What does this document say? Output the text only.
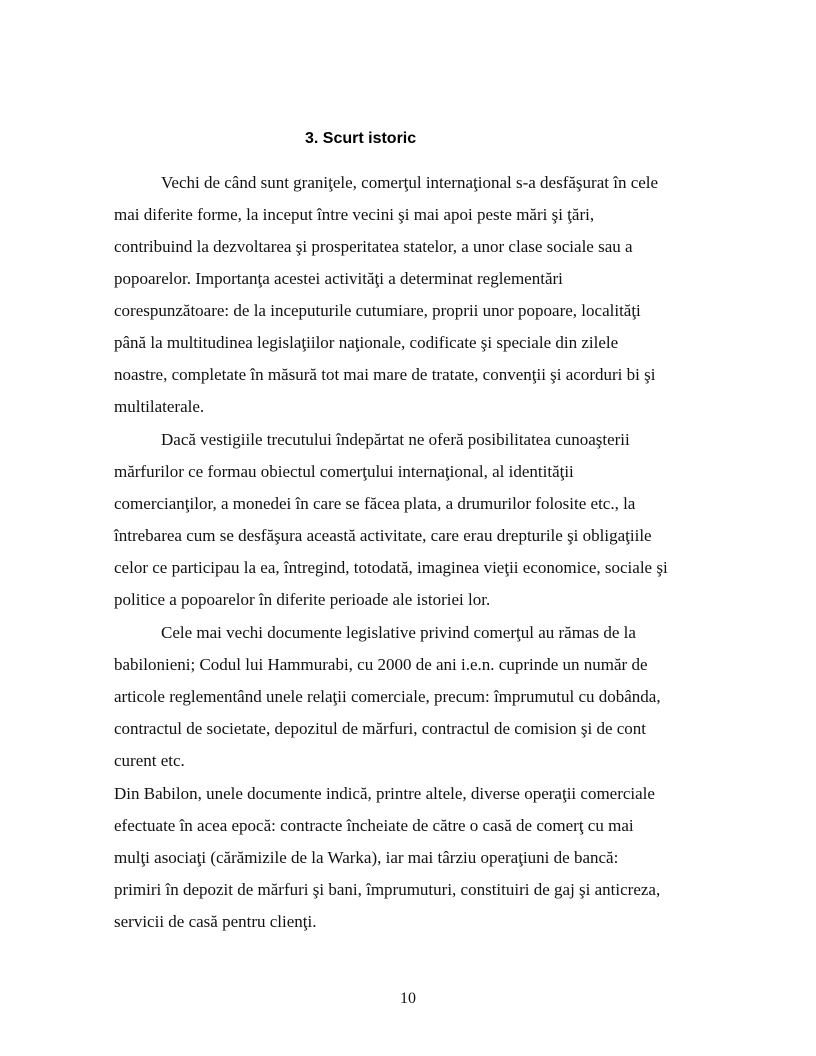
3. Scurt istoric
Vechi de când sunt graniţele, comerţul internaţional s-a desfăşurat în cele
mai diferite forme, la inceput între vecini şi mai apoi peste mări şi ţări,
contribuind la dezvoltarea şi prosperitatea statelor, a unor clase sociale sau a
popoarelor. Importanţa acestei activităţi a determinat reglementări
corespunzătoare: de la inceputurile cutumiare, proprii unor popoare, localităţi
până la multitudinea legislaţiilor naţionale, codificate şi speciale din zilele
noastre, completate în măsură tot mai mare de tratate, convenţii şi acorduri bi şi
multilaterale.
Dacă vestigiile trecutului îndepărtat ne oferă posibilitatea cunoaşterii
mărfurilor ce formau obiectul comerţului internaţional, al identităţii
comercianţilor, a monedei în care se făcea plata, a drumurilor folosite etc., la
întrebarea cum se desfăşura această activitate, care erau drepturile şi obligaţiile
celor ce participau la ea, întregind, totodată, imaginea vieţii economice, sociale şi
politice a popoarelor în diferite perioade ale istoriei lor.
Cele mai vechi documente legislative privind comerţul au rămas de la
babilonieni; Codul lui Hammurabi, cu 2000 de ani i.e.n. cuprinde un număr de
articole reglementând unele relaţii comerciale, precum: împrumutul cu dobânda,
contractul de societate, depozitul de mărfuri, contractul de comision şi de cont
curent etc.
Din Babilon, unele documente indică, printre altele, diverse operaţii comerciale
efectuate în acea epocă: contracte încheiate de către o casă de comerţ cu mai
mulţi asociaţi (cărămizile de la Warka), iar mai târziu operaţiuni de bancă:
primiri în depozit de mărfuri şi bani, împrumuturi, constituiri de gaj şi anticreza,
servicii de casă pentru clienţi.
10
